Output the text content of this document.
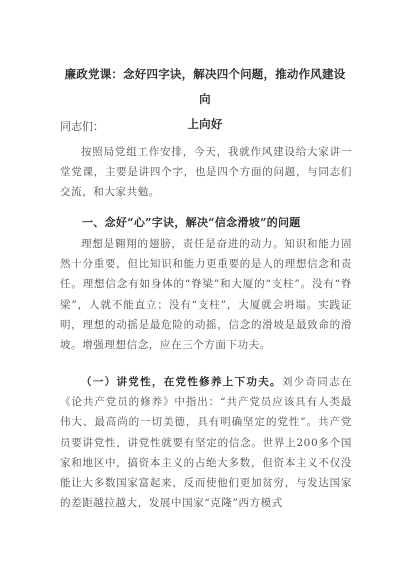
廉政党课：念好四字诀，解决四个问题，推动作风建设向
上向好
同志们：
按照局党组工作安排，今天，我就作风建设给大家讲一堂党课，主要是讲四个字，也是四个方面的问题，与同志们交流，和大家共勉。
一、念好“心”字诀，解决“信念滑坡”的问题
理想是翱翔的翅膀，责任是奋进的动力。知识和能力固然十分重要，但比知识和能力更重要的是人的理想信念和责任。理想信念有如身体的“脊梁”和大厦的“支柱”。没有“脊梁”，人就不能直立；没有“支柱”，大厦就会坍塌。实践证明，理想的动摇是最危险的动摇，信念的滑坡是最致命的滑坡。增强理想信念，应在三个方面下功夫。
（一）讲党性，在党性修养上下功夫。刘少奇同志在《论共产党员的修养》中指出：“共产党员应该具有人类最伟大、最高尚的一切美德，具有明确坚定的党性”。共产党员要讲党性，讲党性就要有坚定的信念。世界上200多个国家和地区中，搞资本主义的占绝大多数，但资本主义不仅没能让大多数国家富起来，反而使他们更加贫穷，与发达国家的差距越拉越大，发展中国家“克隆”西方模式
